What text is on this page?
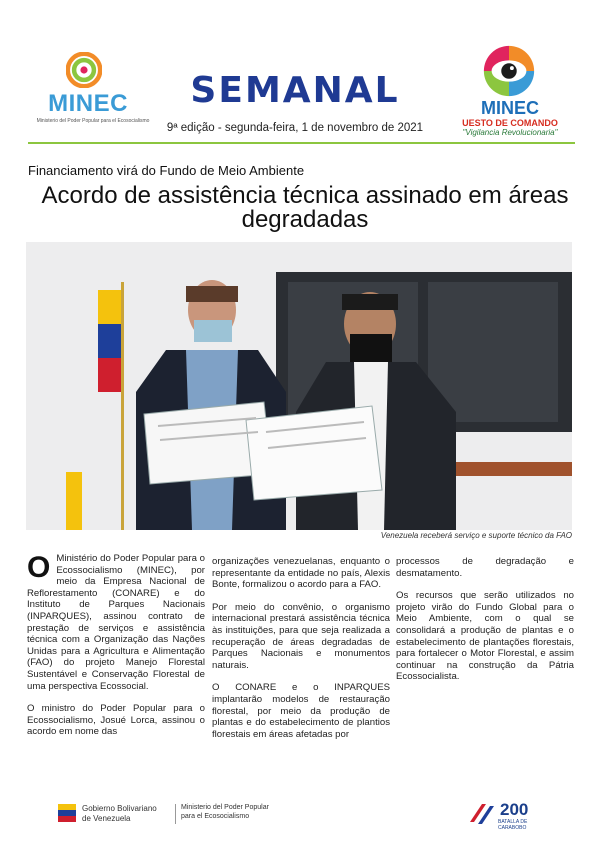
MINEC
Ministerio del Poder Popular para el Ecosocialismo
SEMANAL
9ª edição - segunda-feira, 1 de novembro de 2021
MINEC
UESTO DE COMANDO
"Vigilancia Revolucionaria"
Financiamento virá do Fundo de Meio Ambiente
Acordo de assistência técnica assinado em áreas degradadas
Venezuela receberá serviço e suporte técnico da FAO

O Ministério do Poder Popular para o Ecossocialismo (MINEC), por meio da Empresa Nacional de Reflorestamento (CONARE) e do Instituto de Parques Nacionais (INPARQUES), assinou contrato de prestação de serviços e assistência técnica com a Organização das Nações Unidas para a Agricultura e Alimentação (FAO) do projeto Manejo Florestal Sustentável e Conservação Florestal de uma perspectiva Ecossocial.

O ministro do Poder Popular para o Ecossocialismo, Josué Lorca, assinou o acordo em nome das

organizações venezuelanas, enquanto o representante da entidade no país, Alexis Bonte, formalizou o acordo para a FAO.

Por meio do convênio, o organismo internacional prestará assistência técnica às instituições, para que seja realizada a recuperação de áreas degradadas de Parques Nacionais e monumentos naturais.

O CONARE e o INPARQUES implantarão modelos de restauração florestal, por meio da produção de plantas e do estabelecimento de plantios florestais em áreas afetadas por

processos de degradação e desmatamento.

Os recursos que serão utilizados no projeto virão do Fundo Global para o Meio Ambiente, com o qual se consolidará a produção de plantas e o estabelecimento de plantações florestais, para fortalecer o Motor Florestal, e assim continuar na construção da Pátria Ecossocialista.

Gobierno Bolivariano
de Venezuela
Ministerio del Poder Popular
para el Ecosocialismo	200
BATALLA DE CARABOBO
